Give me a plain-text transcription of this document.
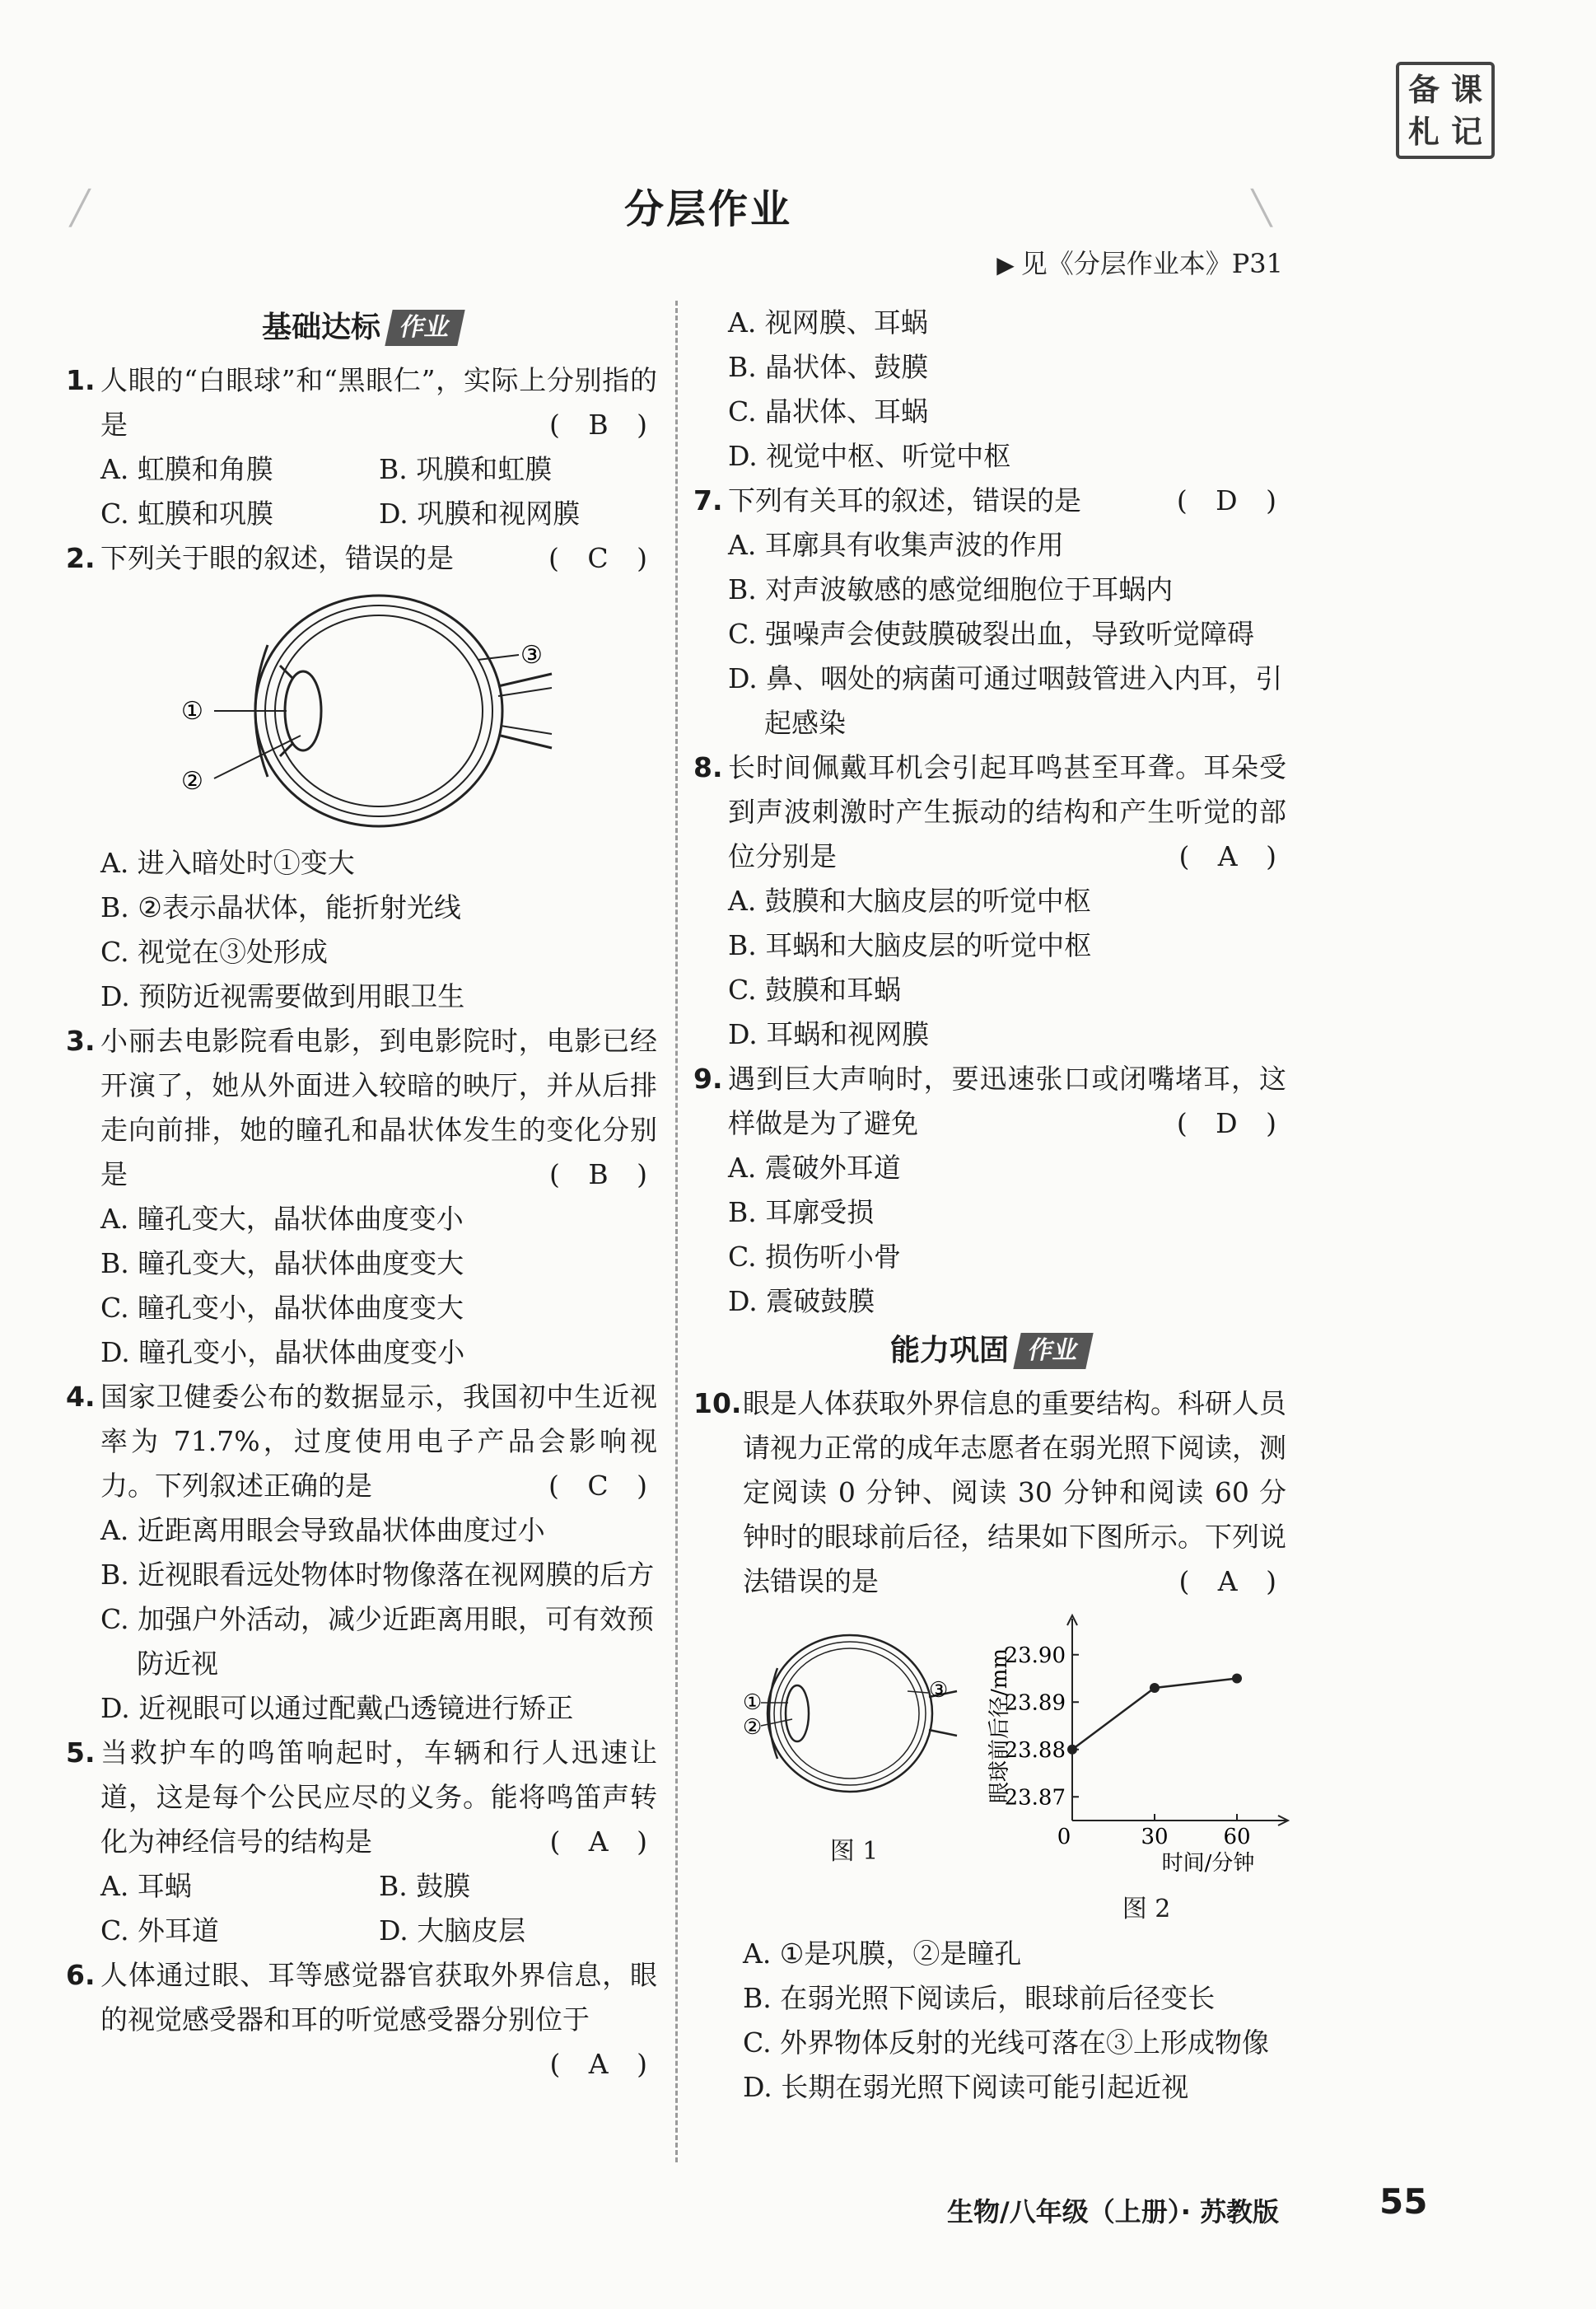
备 课
札 记
╱	╲
分层作业
▶ 见《分层作业本》P31
基础达标 作业
1. 人眼的“白眼球”和“黑眼仁”，实际上分别指的是	( B )
A. 虹膜和角膜	B. 巩膜和虹膜
C. 虹膜和巩膜	D. 巩膜和视网膜
2. 下列关于眼的叙述，错误的是	( C )
①
②
③
A. 进入暗处时①变大
B. ②表示晶状体，能折射光线
C. 视觉在③处形成
D. 预防近视需要做到用眼卫生
3. 小丽去电影院看电影，到电影院时，电影已经开演了，她从外面进入较暗的映厅，并从后排走向前排，她的瞳孔和晶状体发生的变化分别是	( B )
A. 瞳孔变大，晶状体曲度变小
B. 瞳孔变大，晶状体曲度变大
C. 瞳孔变小，晶状体曲度变大
D. 瞳孔变小，晶状体曲度变小
4. 国家卫健委公布的数据显示，我国初中生近视率为 71.7%，过度使用电子产品会影响视力。下列叙述正确的是	( C )
A. 近距离用眼会导致晶状体曲度过小
B. 近视眼看远处物体时物像落在视网膜的后方
C. 加强户外活动，减少近距离用眼，可有效预防近视
D. 近视眼可以通过配戴凸透镜进行矫正
5. 当救护车的鸣笛响起时，车辆和行人迅速让道，这是每个公民应尽的义务。能将鸣笛声转化为神经信号的结构是	( A )
A. 耳蜗	B. 鼓膜
C. 外耳道	D. 大脑皮层
6. 人体通过眼、耳等感觉器官获取外界信息，眼的视觉感受器和耳的听觉感受器分别位于
( A )
A. 视网膜、耳蜗
B. 晶状体、鼓膜
C. 晶状体、耳蜗
D. 视觉中枢、听觉中枢
7. 下列有关耳的叙述，错误的是	( D )
A. 耳廓具有收集声波的作用
B. 对声波敏感的感觉细胞位于耳蜗内
C. 强噪声会使鼓膜破裂出血，导致听觉障碍
D. 鼻、咽处的病菌可通过咽鼓管进入内耳，引起感染
8. 长时间佩戴耳机会引起耳鸣甚至耳聋。耳朵受到声波刺激时产生振动的结构和产生听觉的部位分别是	( A )
A. 鼓膜和大脑皮层的听觉中枢
B. 耳蜗和大脑皮层的听觉中枢
C. 鼓膜和耳蜗
D. 耳蜗和视网膜
9. 遇到巨大声响时，要迅速张口或闭嘴堵耳，这样做是为了避免	( D )
A. 震破外耳道
B. 耳廓受损
C. 损伤听小骨
D. 震破鼓膜
能力巩固 作业
10. 眼是人体获取外界信息的重要结构。科研人员请视力正常的成年志愿者在弱光照下阅读，测定阅读 0 分钟、阅读 30 分钟和阅读 60 分钟时的眼球前后径，结果如下图所示。下列说法错误的是	( A )
①
②
③
图 1
23.87
23.88
23.89
23.90
0	30	60
时间/分钟
眼球前后径/mm
图 2
A. ①是巩膜，②是瞳孔
B. 在弱光照下阅读后，眼球前后径变长
C. 外界物体反射的光线可落在③上形成物像
D. 长期在弱光照下阅读可能引起近视
生物/八年级（上册）· 苏教版	55
